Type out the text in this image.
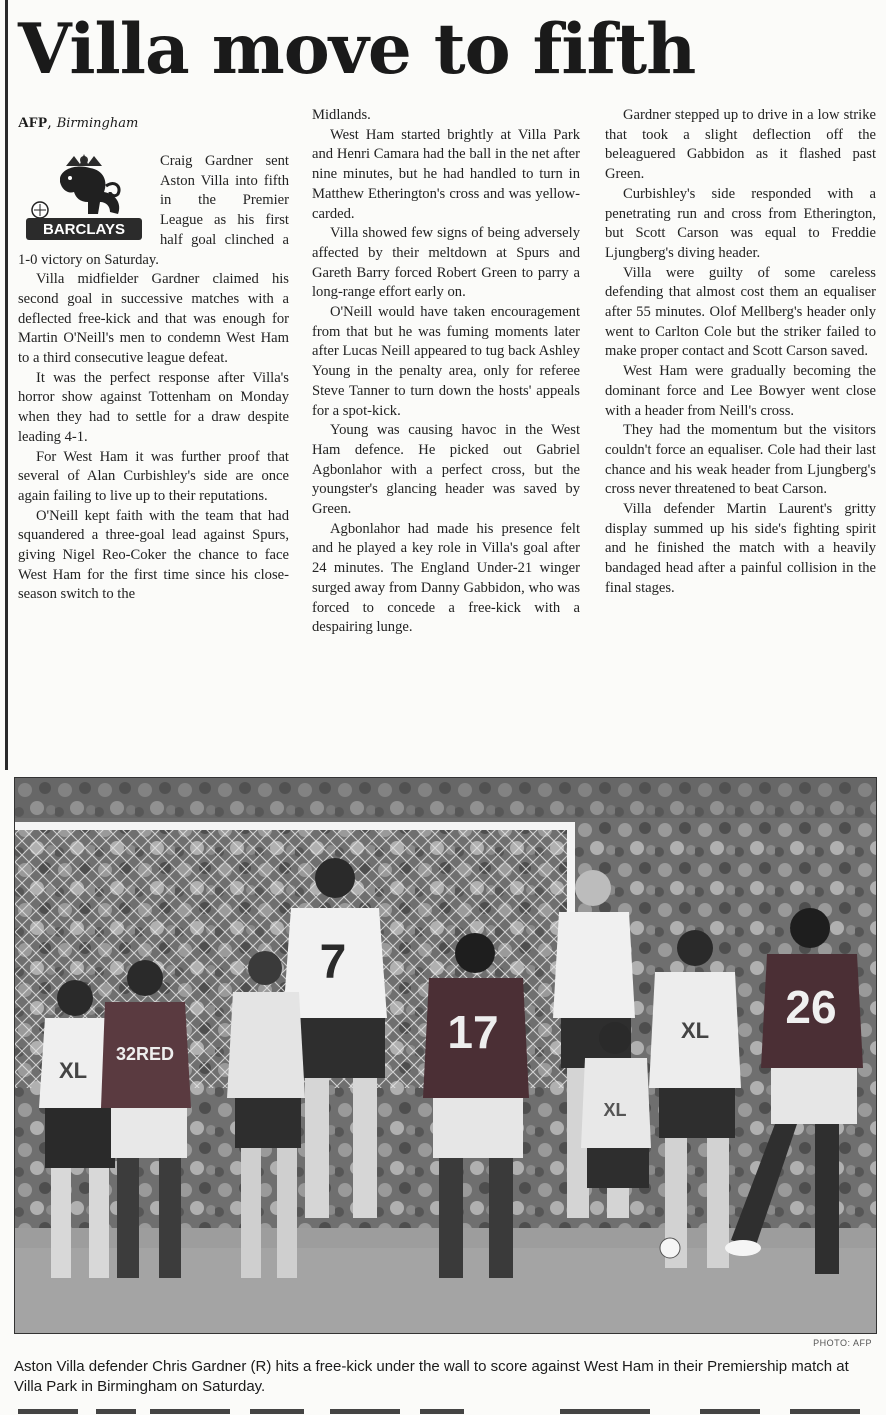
Villa move to fifth
AFP, Birmingham
BARCLAYS

Craig Gardner sent Aston Villa into fifth in the Premier League as his first half goal clinched a 1-0 victory on Saturday.

Villa midfielder Gardner claimed his second goal in successive matches with a deflected free-kick and that was enough for Martin O'Neill's men to condemn West Ham to a third consecutive league defeat.

It was the perfect response after Villa's horror show against Tottenham on Monday when they had to settle for a draw despite leading 4-1.

For West Ham it was further proof that several of Alan Curbishley's side are once again failing to live up to their reputations.

O'Neill kept faith with the team that had squandered a three-goal lead against Spurs, giving Nigel Reo-Coker the chance to face West Ham for the first time since his close-season switch to the

Midlands.

West Ham started brightly at Villa Park and Henri Camara had the ball in the net after nine minutes, but he had handled to turn in Matthew Etherington's cross and was yellow-carded.

Villa showed few signs of being adversely affected by their meltdown at Spurs and Gareth Barry forced Robert Green to parry a long-range effort early on.

O'Neill would have taken encouragement from that but he was fuming moments later after Lucas Neill appeared to tug back Ashley Young in the penalty area, only for referee Steve Tanner to turn down the hosts' appeals for a spot-kick.

Young was causing havoc in the West Ham defence. He picked out Gabriel Agbonlahor with a perfect cross, but the youngster's glancing header was saved by Green.

Agbonlahor had made his presence felt and he played a key role in Villa's goal after 24 minutes. The England Under-21 winger surged away from Danny Gabbidon, who was forced to concede a free-kick with a despairing lunge.

Gardner stepped up to drive in a low strike that took a slight deflection off the beleaguered Gabbidon as it flashed past Green.

Curbishley's side responded with a penetrating run and cross from Etherington, but Scott Carson was equal to Freddie Ljungberg's diving header.

Villa were guilty of some careless defending that almost cost them an equaliser after 55 minutes. Olof Mellberg's header only went to Carlton Cole but the striker failed to make proper contact and Scott Carson saved.

West Ham were gradually becoming the dominant force and Lee Bowyer went close with a header from Neill's cross.

They had the momentum but the visitors couldn't force an equaliser. Cole had their last chance and his weak header from Ljungberg's cross never threatened to beat Carson.

Villa defender Martin Laurent's gritty display summed up his side's fighting spirit and he finished the match with a heavily bandaged head after a painful collision in the final stages.

XL
32RED
7
17	XL 26
XL
PHOTO: AFP

Aston Villa defender Chris Gardner (R) hits a free-kick under the wall to score against West Ham in their Premiership match at Villa Park in Birmingham on Saturday.
